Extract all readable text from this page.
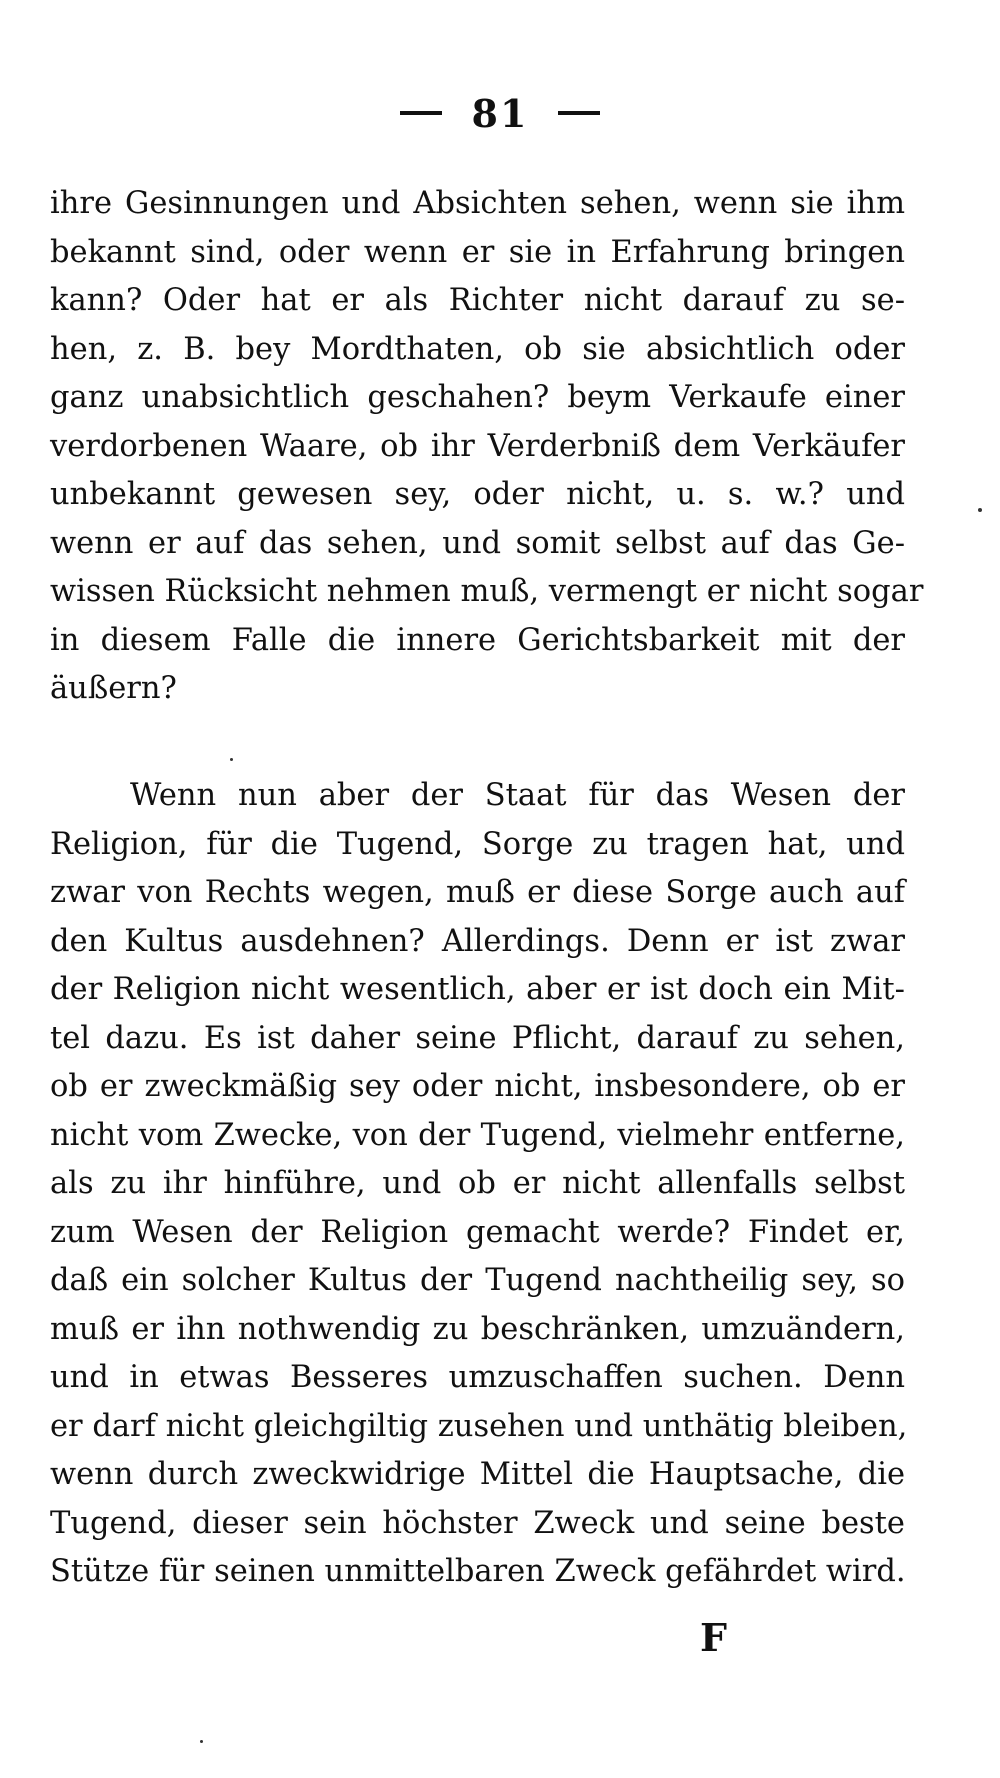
81
ihre Gesinnungen und Absichten sehen, wenn sie ihm
bekannt sind, oder wenn er sie in Erfahrung bringen
kann? Oder hat er als Richter nicht darauf zu se-
hen, z. B. bey Mordthaten, ob sie absichtlich oder
ganz unabsichtlich geschahen? beym Verkaufe einer
verdorbenen Waare, ob ihr Verderbniß dem Verkäufer
unbekannt gewesen sey, oder nicht, u. s. w.? und
wenn er auf das sehen, und somit selbst auf das Ge-
wissen Rücksicht nehmen muß, vermengt er nicht sogar
in diesem Falle die innere Gerichtsbarkeit mit der
äußern?
Wenn nun aber der Staat für das Wesen der
Religion, für die Tugend, Sorge zu tragen hat, und
zwar von Rechts wegen, muß er diese Sorge auch auf
den Kultus ausdehnen? Allerdings. Denn er ist zwar
der Religion nicht wesentlich, aber er ist doch ein Mit-
tel dazu. Es ist daher seine Pflicht, darauf zu sehen,
ob er zweckmäßig sey oder nicht, insbesondere, ob er
nicht vom Zwecke, von der Tugend, vielmehr entferne,
als zu ihr hinführe, und ob er nicht allenfalls selbst
zum Wesen der Religion gemacht werde? Findet er,
daß ein solcher Kultus der Tugend nachtheilig sey, so
muß er ihn nothwendig zu beschränken, umzuändern,
und in etwas Besseres umzuschaffen suchen. Denn
er darf nicht gleichgiltig zusehen und unthätig bleiben,
wenn durch zweckwidrige Mittel die Hauptsache, die
Tugend, dieser sein höchster Zweck und seine beste
Stütze für seinen unmittelbaren Zweck gefährdet wird.
F
